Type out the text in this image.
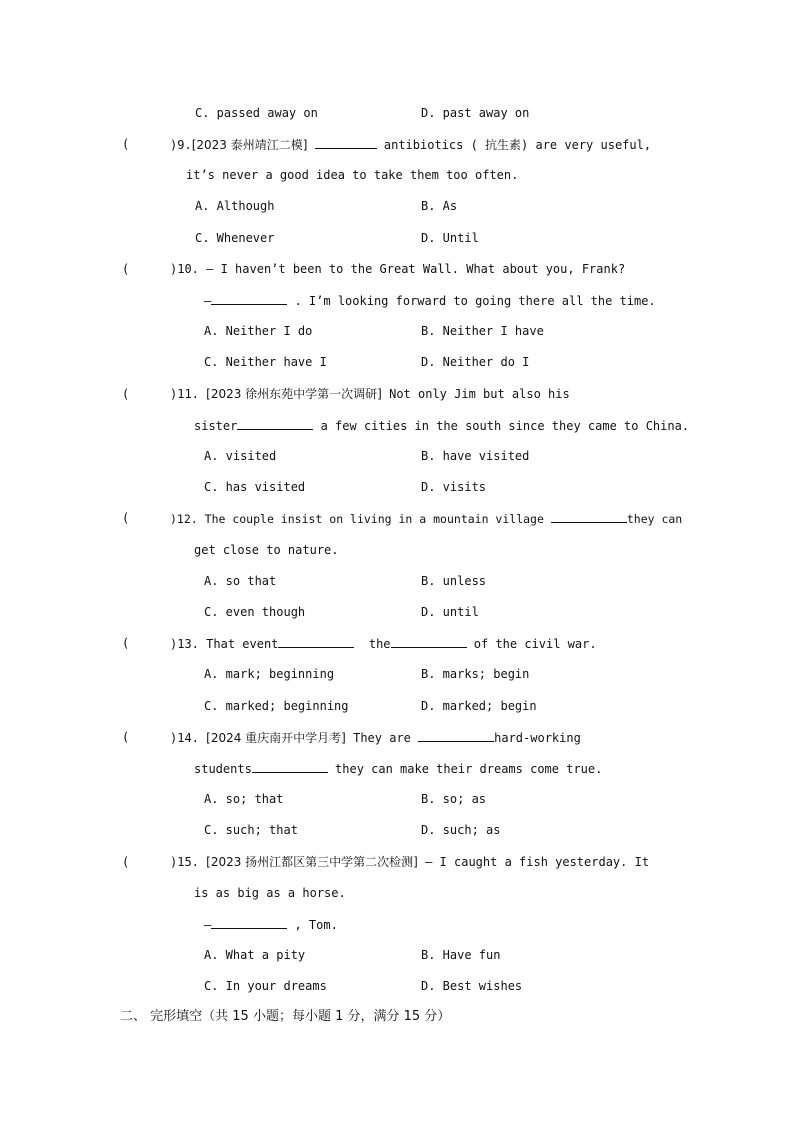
C. passed away on	D. past away on
(	)9.[2023 泰州靖江二模]	antibiotics ( 抗生素) are very useful,
it’s never a good idea to take them too often.
A. Although	B. As
C. Whenever	D. Until
(	)10. — I haven’t been to the Great Wall. What about you, Frank?
—	. I’m looking forward to going there all the time.
A. Neither I do	B. Neither I have
C. Neither have I	D. Neither do I
(	)11. [2023 徐州东苑中学第一次调研] Not only Jim but also his
sister	a few cities in the south since they came to China.
A. visited	B. have visited
C. has visited	D. visits
(	)12. The couple insist on living in a mountain village	they can
get close to nature.
A. so that	B. unless
C. even though	D. until
(	)13. That event	the	of the civil war.
A. mark; beginning	B. marks; begin
C. marked; beginning	D. marked; begin
(	)14. [2024 重庆南开中学月考] They are	hard-working
students	they can make their dreams come true.
A. so; that	B. so; as
C. such; that	D. such; as
(	)15. [2023 扬州江都区第三中学第二次检测] — I caught a fish yesterday. It
is as big as a horse.
—	, Tom.
A. What a pity	B. Have fun
C. In your dreams	D. Best wishes
二、 完形填空（共 15 小题；每小题 1 分，满分 15 分）
